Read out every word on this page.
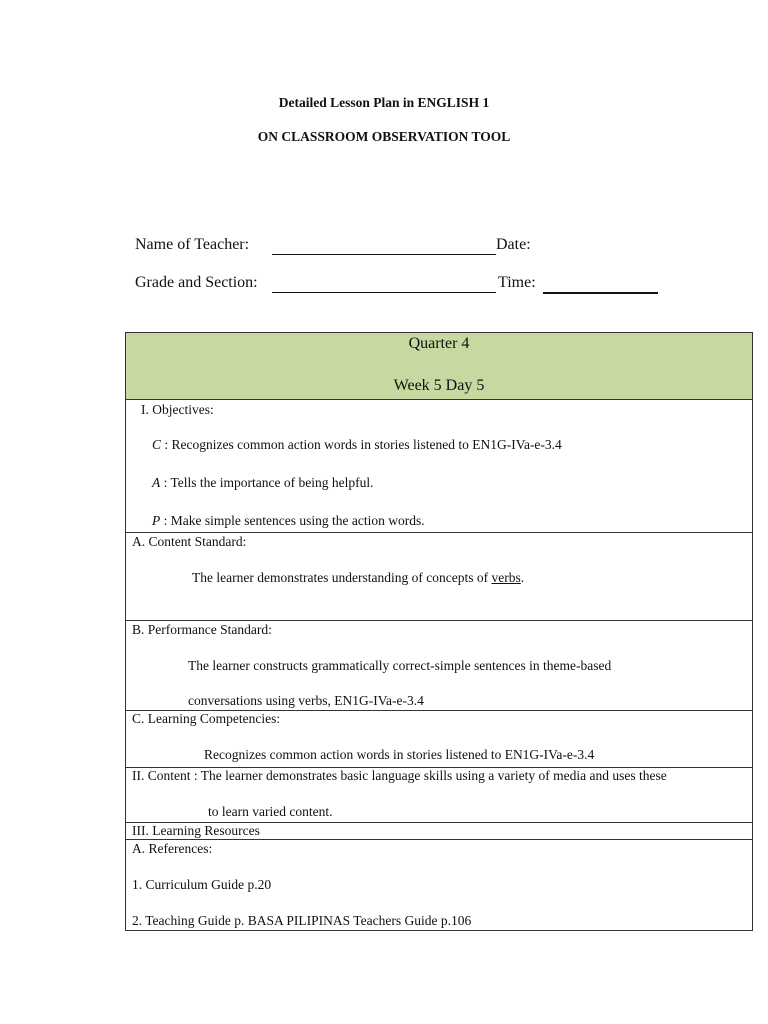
Detailed Lesson Plan in ENGLISH 1
ON CLASSROOM OBSERVATION TOOL
Name of Teacher:	Date:
Grade and Section:	Time:
Quarter 4
Week 5 Day 5
I. Objectives:
C : Recognizes common action words in stories listened to EN1G-IVa-e-3.4
A : Tells the importance of being helpful.
P : Make simple sentences using the action words.
A. Content Standard:
The learner demonstrates understanding of concepts of verbs.
B. Performance Standard:
The learner constructs grammatically correct-simple sentences in theme-based
conversations using verbs, EN1G-IVa-e-3.4
C. Learning Competencies:
Recognizes common action words in stories listened to EN1G-IVa-e-3.4
II. Content : The learner demonstrates basic language skills using a variety of media and uses these
to learn varied content.
III. Learning Resources
A. References:
1. Curriculum Guide p.20
2. Teaching Guide p. BASA PILIPINAS Teachers Guide p.106
